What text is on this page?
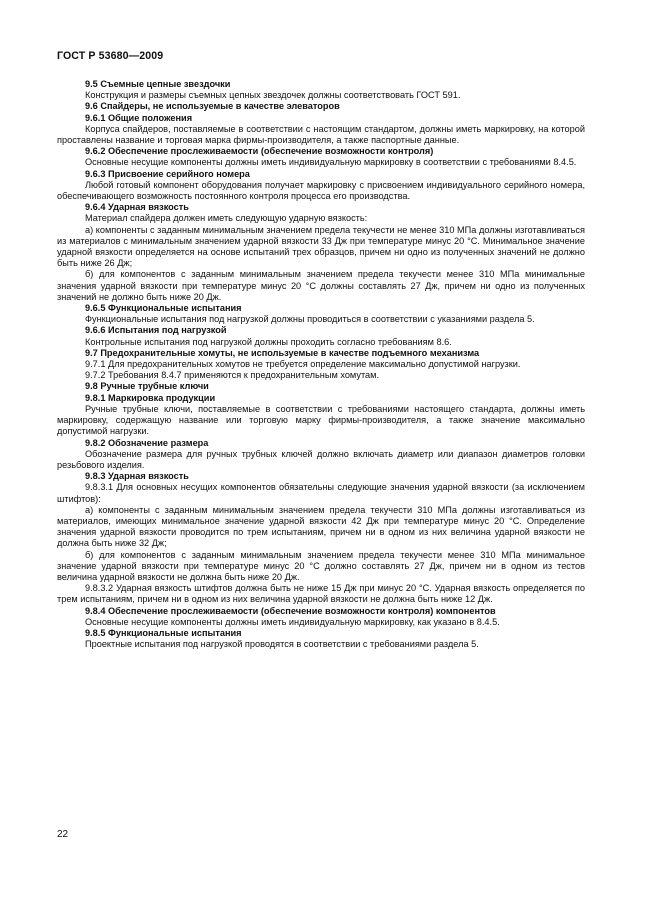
ГОСТ Р 53680—2009

9.5 Съемные цепные звездочки

Конструкция и размеры съемных цепных звездочек должны соответствовать ГОСТ 591.

9.6 Спайдеры, не используемые в качестве элеваторов

9.6.1 Общие положения

Корпуса спайдеров, поставляемые в соответствии с настоящим стандартом, должны иметь маркировку, на которой проставлены название и торговая марка фирмы-производителя, а также паспортные данные.

9.6.2 Обеспечение прослеживаемости (обеспечение возможности контроля)

Основные несущие компоненты должны иметь индивидуальную маркировку в соответствии с требованиями 8.4.5.

9.6.3 Присвоение серийного номера

Любой готовый компонент оборудования получает маркировку с присвоением индивидуального серийного номера, обеспечивающего возможность постоянного контроля процесса его производства.

9.6.4 Ударная вязкость

Материал спайдера должен иметь следующую ударную вязкость:

а) компоненты с заданным минимальным значением предела текучести не менее 310 МПа должны изготавливаться из материалов с минимальным значением ударной вязкости 33 Дж при температуре минус 20 °С. Минимальное значение ударной вязкости определяется на основе испытаний трех образцов, причем ни одно из полученных значений не должно быть ниже 26 Дж;

б) для компонентов с заданным минимальным значением предела текучести менее 310 МПа минимальные значения ударной вязкости при температуре минус 20 °С должны составлять 27 Дж, причем ни одно из полученных значений не должно быть ниже 20 Дж.

9.6.5 Функциональные испытания

Функциональные испытания под нагрузкой должны проводиться в соответствии с указаниями раздела 5.

9.6.6 Испытания под нагрузкой

Контрольные испытания под нагрузкой должны проходить согласно требованиям 8.6.

9.7 Предохранительные хомуты, не используемые в качестве подъемного механизма

9.7.1 Для предохранительных хомутов не требуется определение максимально допустимой нагрузки.

9.7.2 Требования 8.4.7 применяются к предохранительным хомутам.

9.8 Ручные трубные ключи

9.8.1 Маркировка продукции

Ручные трубные ключи, поставляемые в соответствии с требованиями настоящего стандарта, должны иметь маркировку, содержащую название или торговую марку фирмы-производителя, а также значение максимально допустимой нагрузки.

9.8.2 Обозначение размера

Обозначение размера для ручных трубных ключей должно включать диаметр или диапазон диаметров головки резьбового изделия.

9.8.3 Ударная вязкость

9.8.3.1 Для основных несущих компонентов обязательны следующие значения ударной вязкости (за исключением штифтов):

а) компоненты с заданным минимальным значением предела текучести 310 МПа должны изготавливаться из материалов, имеющих минимальное значение ударной вязкости 42 Дж при температуре минус 20 °С. Определение значения ударной вязкости проводится по трем испытаниям, причем ни в одном из них величина ударной вязкости не должна быть ниже 32 Дж;

б) для компонентов с заданным минимальным значением предела текучести менее 310 МПа минимальное значение ударной вязкости при температуре минус 20 °С должно составлять 27 Дж, причем ни в одном из тестов величина ударной вязкости не должна быть ниже 20 Дж.

9.8.3.2 Ударная вязкость штифтов должна быть не ниже 15 Дж при минус 20 °С. Ударная вязкость определяется по трем испытаниям, причем ни в одном из них величина ударной вязкости не должна быть ниже 12 Дж.

9.8.4 Обеспечение прослеживаемости (обеспечение возможности контроля) компонентов

Основные несущие компоненты должны иметь индивидуальную маркировку, как указано в 8.4.5.

9.8.5 Функциональные испытания

Проектные испытания под нагрузкой проводятся в соответствии с требованиями раздела 5.

22
